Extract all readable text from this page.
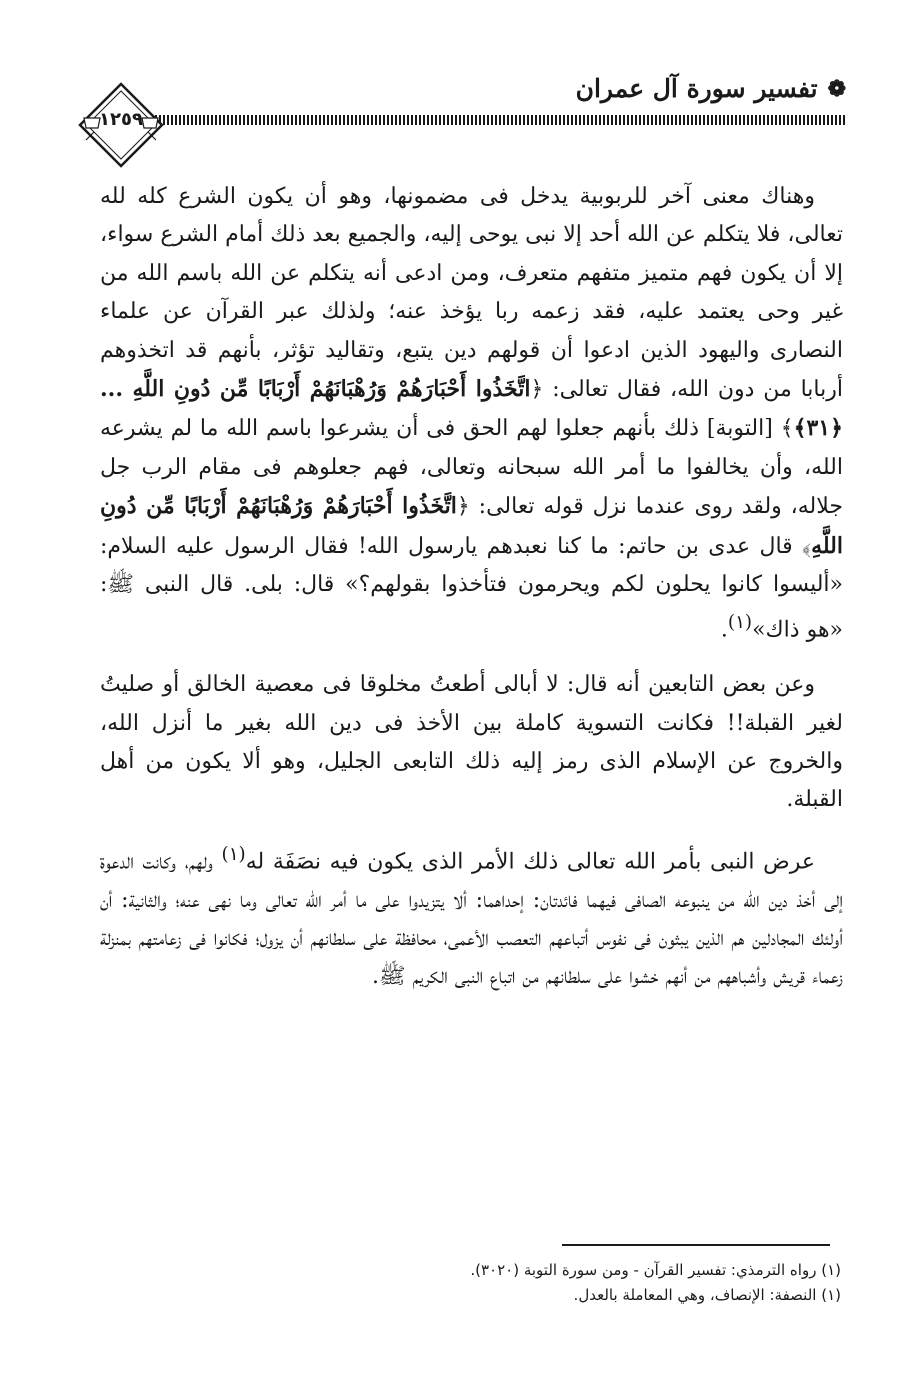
❁
تفسير سورة آل عمران
١٢٥٩

وهناك معنى آخر للربوبية يدخل فى مضمونها، وهو أن يكون الشرع كله لله تعالى، فلا يتكلم عن الله أحد إلا نبى يوحى إليه، والجميع بعد ذلك أمام الشرع سواء، إلا أن يكون فهم متميز متفهم متعرف، ومن ادعى أنه يتكلم عن الله باسم الله من غير وحى يعتمد عليه، فقد زعمه ربا يؤخذ عنه؛ ولذلك عبر القرآن عن علماء النصارى واليهود الذين ادعوا أن قولهم دين يتبع، وتقاليد تؤثر، بأنهم قد اتخذوهم أربابا من دون الله، فقال تعالى: ﴿اتَّخَذُوا أَحْبَارَهُمْ وَرُهْبَانَهُمْ أَرْبَابًا مِّن دُونِ اللَّهِ ... ﴿٣١﴾﴾ [التوبة] ذلك بأنهم جعلوا لهم الحق فى أن يشرعوا باسم الله ما لم يشرعه الله، وأن يخالفوا ما أمر الله سبحانه وتعالى، فهم جعلوهم فى مقام الرب جل جلاله، ولقد روى عندما نزل قوله تعالى: ﴿اتَّخَذُوا أَحْبَارَهُمْ وَرُهْبَانَهُمْ أَرْبَابًا مِّن دُونِ اللَّهِ﴾ قال عدى بن حاتم: ما كنا نعبدهم يارسول الله! فقال الرسول عليه السلام: «أليسوا كانوا يحلون لكم ويحرمون فتأخذوا بقولهم؟» قال: بلى. قال النبى ﷺ: «هو ذاك»$^{(١)}$.

وعن بعض التابعين أنه قال: لا أبالى أطعتُ مخلوقا فى معصية الخالق أو صليتُ لغير القبلة!! فكانت التسوية كاملة بين الأخذ فى دين الله بغير ما أنزل الله، والخروج عن الإسلام الذى رمز إليه ذلك التابعى الجليل، وهو ألا يكون من أهل القبلة.

عرض النبى بأمر الله تعالى ذلك الأمر الذى يكون فيه نصَفَة له$^{(١)}$ ولهم، وكانت الدعوة إلى أخذ دين الله من ينبوعه الصافى فيهما فائدتان: إحداهما: ألا يتزيدوا على ما أمر الله تعالى وما نهى عنه؛ والثانية: أن أولئك المجادلين هم الذين يبثون فى نفوس أتباعهم التعصب الأعمى، محافظة على سلطانهم أن يزول؛ فكانوا فى زعامتهم بمنزلة زعماء قريش وأشباههم من أنهم خشوا على سلطانهم من اتباع النبى الكريم ﷺ.

(١) رواه الترمذي: تفسير القرآن - ومن سورة التوبة (٣٠٢٠).

(١) النصفة: الإنصاف، وهي المعاملة بالعدل.
